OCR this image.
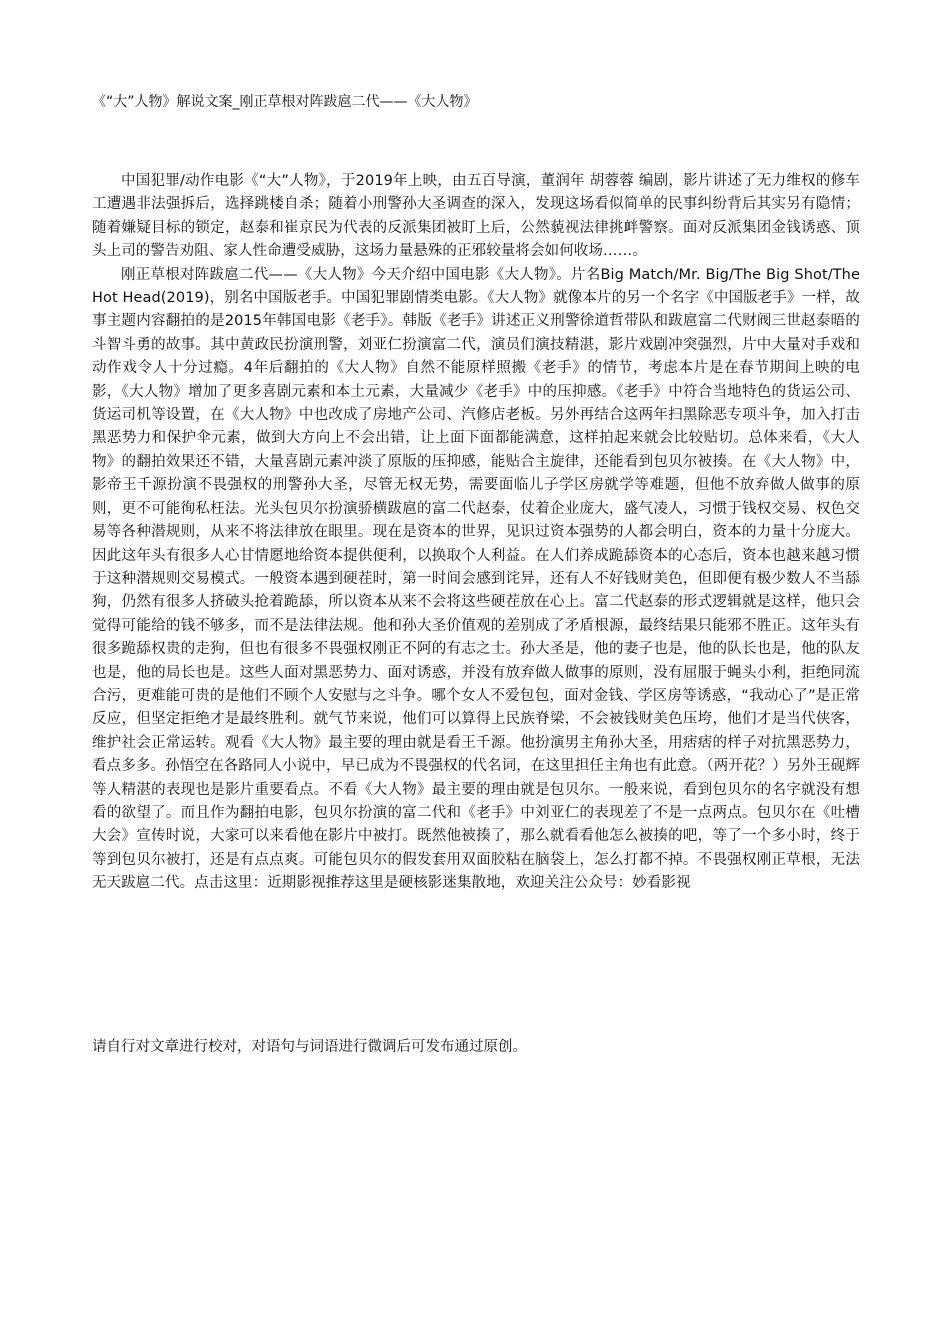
《“大”人物》解说文案_刚正草根对阵跋扈二代——《大人物》

中国犯罪/动作电影《“大”人物》，于2019年上映，由五百导演，董润年 胡蓉蓉 编剧，影片讲述了无力维权的修车工遭遇非法强拆后，选择跳楼自杀；随着小刑警孙大圣调查的深入，发现这场看似简单的民事纠纷背后其实另有隐情；随着嫌疑目标的锁定，赵泰和崔京民为代表的反派集团被盯上后，公然藐视法律挑衅警察。面对反派集团金钱诱惑、顶头上司的警告劝阻、家人性命遭受威胁，这场力量悬殊的正邪较量将会如何收场……。

刚正草根对阵跋扈二代——《大人物》今天介绍中国电影《大人物》。片名Big Match/Mr. Big/The Big Shot/The Hot Head(2019)，别名中国版老手。中国犯罪剧情类电影。《大人物》就像本片的另一个名字《中国版老手》一样，故事主题内容翻拍的是2015年韩国电影《老手》。韩版《老手》讲述正义刑警徐道哲带队和跋扈富二代财阀三世赵泰晤的斗智斗勇的故事。其中黄政民扮演刑警，刘亚仁扮演富二代，演员们演技精湛，影片戏剧冲突强烈，片中大量对手戏和动作戏令人十分过瘾。4年后翻拍的《大人物》自然不能原样照搬《老手》的情节，考虑本片是在春节期间上映的电影，《大人物》增加了更多喜剧元素和本土元素，大量减少《老手》中的压抑感。《老手》中符合当地特色的货运公司、货运司机等设置，在《大人物》中也改成了房地产公司、汽修店老板。另外再结合这两年扫黑除恶专项斗争，加入打击黑恶势力和保护伞元素，做到大方向上不会出错，让上面下面都能满意，这样拍起来就会比较贴切。总体来看，《大人物》的翻拍效果还不错，大量喜剧元素冲淡了原版的压抑感，能贴合主旋律，还能看到包贝尔被揍。在《大人物》中，影帝王千源扮演不畏强权的刑警孙大圣，尽管无权无势，需要面临儿子学区房就学等难题，但他不放弃做人做事的原则，更不可能徇私枉法。光头包贝尔扮演骄横跋扈的富二代赵泰，仗着企业庞大，盛气凌人，习惯于钱权交易、权色交易等各种潜规则，从来不将法律放在眼里。现在是资本的世界，见识过资本强势的人都会明白，资本的力量十分庞大。因此这年头有很多人心甘情愿地给资本提供便利，以换取个人利益。在人们养成跪舔资本的心态后，资本也越来越习惯于这种潜规则交易模式。一般资本遇到硬茬时，第一时间会感到诧异，还有人不好钱财美色，但即便有极少数人不当舔狗，仍然有很多人挤破头抢着跪舔，所以资本从来不会将这些硬茬放在心上。富二代赵泰的形式逻辑就是这样，他只会觉得可能给的钱不够多，而不是法律法规。他和孙大圣价值观的差别成了矛盾根源，最终结果只能邪不胜正。这年头有很多跪舔权贵的走狗，但也有很多不畏强权刚正不阿的有志之士。孙大圣是，他的妻子也是，他的队长也是，他的队友也是，他的局长也是。这些人面对黑恶势力、面对诱惑，并没有放弃做人做事的原则，没有屈服于蝇头小利，拒绝同流合污，更难能可贵的是他们不顾个人安慰与之斗争。哪个女人不爱包包，面对金钱、学区房等诱惑，“我动心了”是正常反应，但坚定拒绝才是最终胜利。就气节来说，他们可以算得上民族脊梁，不会被钱财美色压垮，他们才是当代侠客，维护社会正常运转。观看《大人物》最主要的理由就是看王千源。他扮演男主角孙大圣，用痞痞的样子对抗黑恶势力，看点多多。孙悟空在各路同人小说中，早已成为不畏强权的代名词，在这里担任主角也有此意。（两开花？）另外王砚辉等人精湛的表现也是影片重要看点。不看《大人物》最主要的理由就是包贝尔。一般来说，看到包贝尔的名字就没有想看的欲望了。而且作为翻拍电影，包贝尔扮演的富二代和《老手》中刘亚仁的表现差了不是一点两点。包贝尔在《吐槽大会》宣传时说，大家可以来看他在影片中被打。既然他被揍了，那么就看看他怎么被揍的吧，等了一个多小时，终于等到包贝尔被打，还是有点点爽。可能包贝尔的假发套用双面胶粘在脑袋上，怎么打都不掉。不畏强权刚正草根，无法无天跋扈二代。点击这里：近期影视推荐这里是硬核影迷集散地，欢迎关注公众号：妙看影视

请自行对文章进行校对，对语句与词语进行微调后可发布通过原创。
